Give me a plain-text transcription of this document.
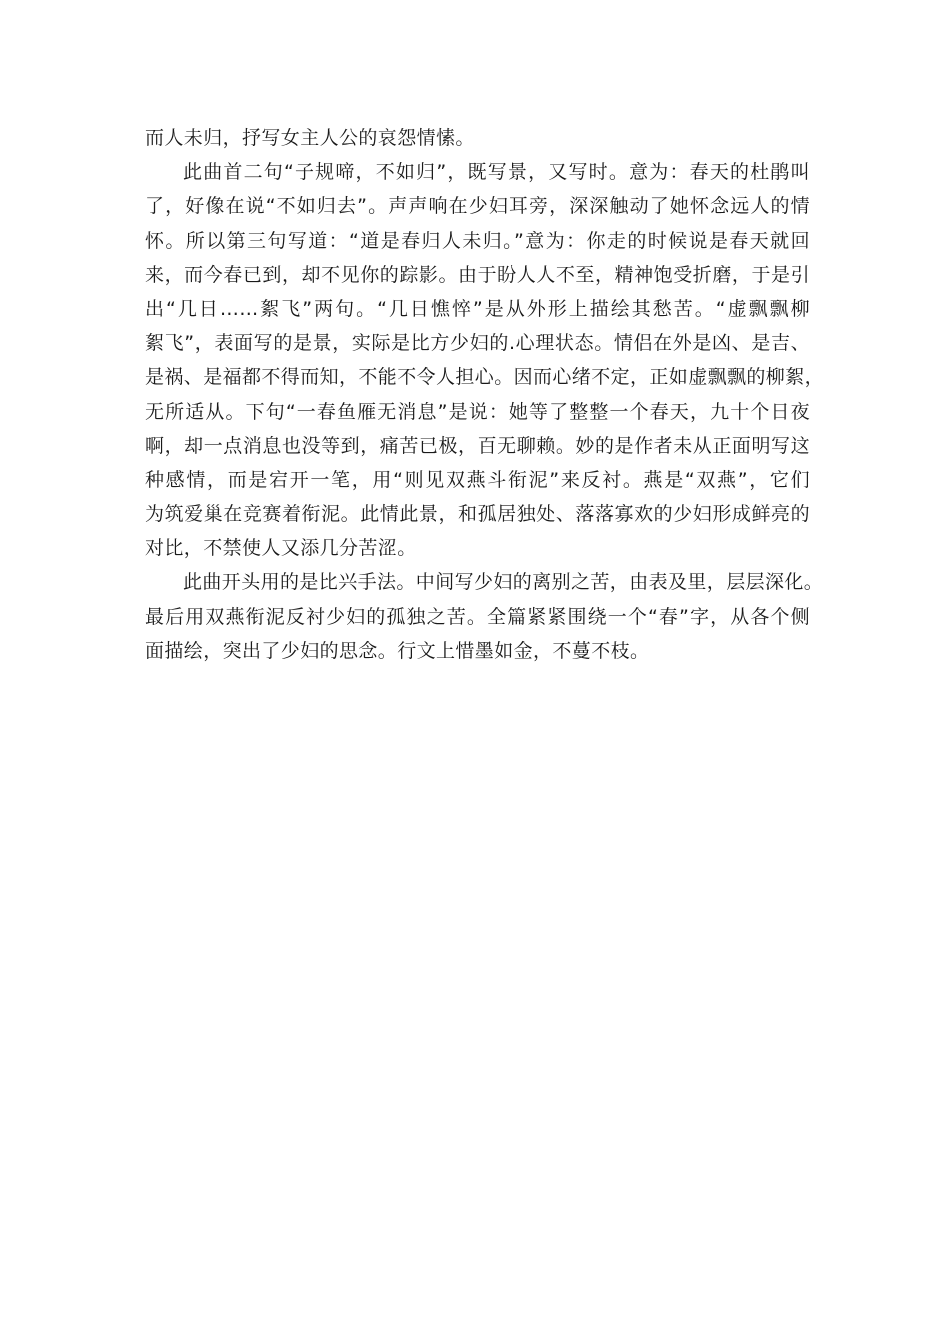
而人未归，抒写女主人公的哀怨情愫。
此曲首二句“子规啼，不如归”，既写景，又写时。意为：春天的杜鹃叫
了，好像在说“不如归去”。声声响在少妇耳旁，深深触动了她怀念远人的情
怀。所以第三句写道：“道是春归人未归。”意为：你走的时候说是春天就回
来，而今春已到，却不见你的踪影。由于盼人人不至，精神饱受折磨，于是引
出“几日……絮飞”两句。“几日憔悴”是从外形上描绘其愁苦。“虚飘飘柳
絮飞”，表面写的是景，实际是比方少妇的.心理状态。情侣在外是凶、是吉、
是祸、是福都不得而知，不能不令人担心。因而心绪不定，正如虚飘飘的柳絮，
无所适从。下句“一春鱼雁无消息”是说：她等了整整一个春天，九十个日夜
啊，却一点消息也没等到，痛苦已极，百无聊赖。妙的是作者未从正面明写这
种感情，而是宕开一笔，用“则见双燕斗衔泥”来反衬。燕是“双燕”，它们
为筑爱巢在竞赛着衔泥。此情此景，和孤居独处、落落寡欢的少妇形成鲜亮的
对比，不禁使人又添几分苦涩。
此曲开头用的是比兴手法。中间写少妇的离别之苦，由表及里，层层深化。
最后用双燕衔泥反衬少妇的孤独之苦。全篇紧紧围绕一个“春”字，从各个侧
面描绘，突出了少妇的思念。行文上惜墨如金，不蔓不枝。
